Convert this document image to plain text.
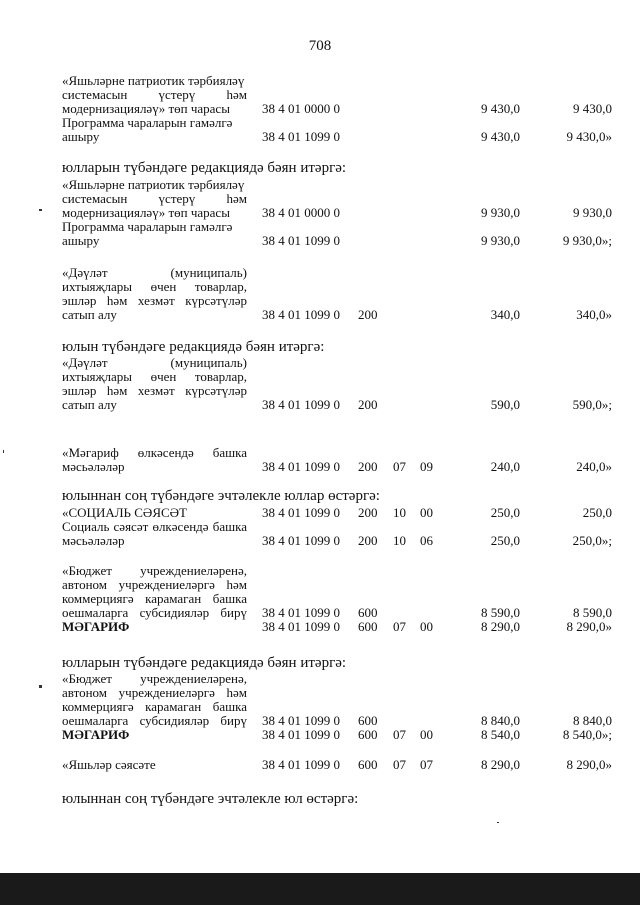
708
«Яшьләрне патриотик тәрбияләү
системасын үстерү һәм
модернизацияләү» төп чарасы	38 4 01 0000 0	9 430,0	9 430,0
Программа чараларын гамәлгә
ашыру	38 4 01 1099 0	9 430,0	9 430,0»
юлларын түбәндәге редакциядә бәян итәргә:
«Яшьләрне патриотик тәрбияләү
системасын үстерү һәм
модернизацияләү» төп чарасы	38 4 01 0000 0	9 930,0	9 930,0
Программа чараларын гамәлгә
ашыру	38 4 01 1099 0	9 930,0	9 930,0»;
«Дәүләт (муниципаль)
ихтыяҗлары өчен товарлар,
эшләр һәм хезмәт күрсәтүләр
сатып алу	38 4 01 1099 0 200	340,0	340,0»
юлын түбәндәге редакциядә бәян итәргә:
«Дәүләт (муниципаль)
ихтыяҗлары өчен товарлар,
эшләр һәм хезмәт күрсәтүләр
сатып алу	38 4 01 1099 0 200	590,0	590,0»;
«Мәгариф өлкәсендә башка
мәсьәләләр	38 4 01 1099 0 200 07 09	240,0	240,0»
юлыннан соң түбәндәге эчтәлекле юллар өстәргә:
«СОЦИАЛЬ СӘЯСӘТ	38 4 01 1099 0 200 10 00	250,0	250,0
Социаль сәясәт өлкәсендә башка
мәсьәләләр	38 4 01 1099 0 200 10 06	250,0	250,0»;
«Бюджет учреждениеләренә,
автоном учреждениеләргә һәм
коммерциягә карамаган башка
оешмаларга субсидияләр бирү 38 4 01 1099 0 600	8 590,0	8 590,0
МӘГАРИФ	38 4 01 1099 0 600 07 00	8 290,0	8 290,0»
юлларын түбәндәге редакциядә бәян итәргә:
«Бюджет учреждениеләренә,
автоном учреждениеләргә һәм
коммерциягә карамаган башка
оешмаларга субсидияләр бирү 38 4 01 1099 0 600	8 840,0	8 840,0
МӘГАРИФ	38 4 01 1099 0 600 07 00	8 540,0	8 540,0»;
«Яшьләр сәясәте	38 4 01 1099 0 600 07 07	8 290,0	8 290,0»
юлыннан соң түбәндәге эчтәлекле юл өстәргә:
